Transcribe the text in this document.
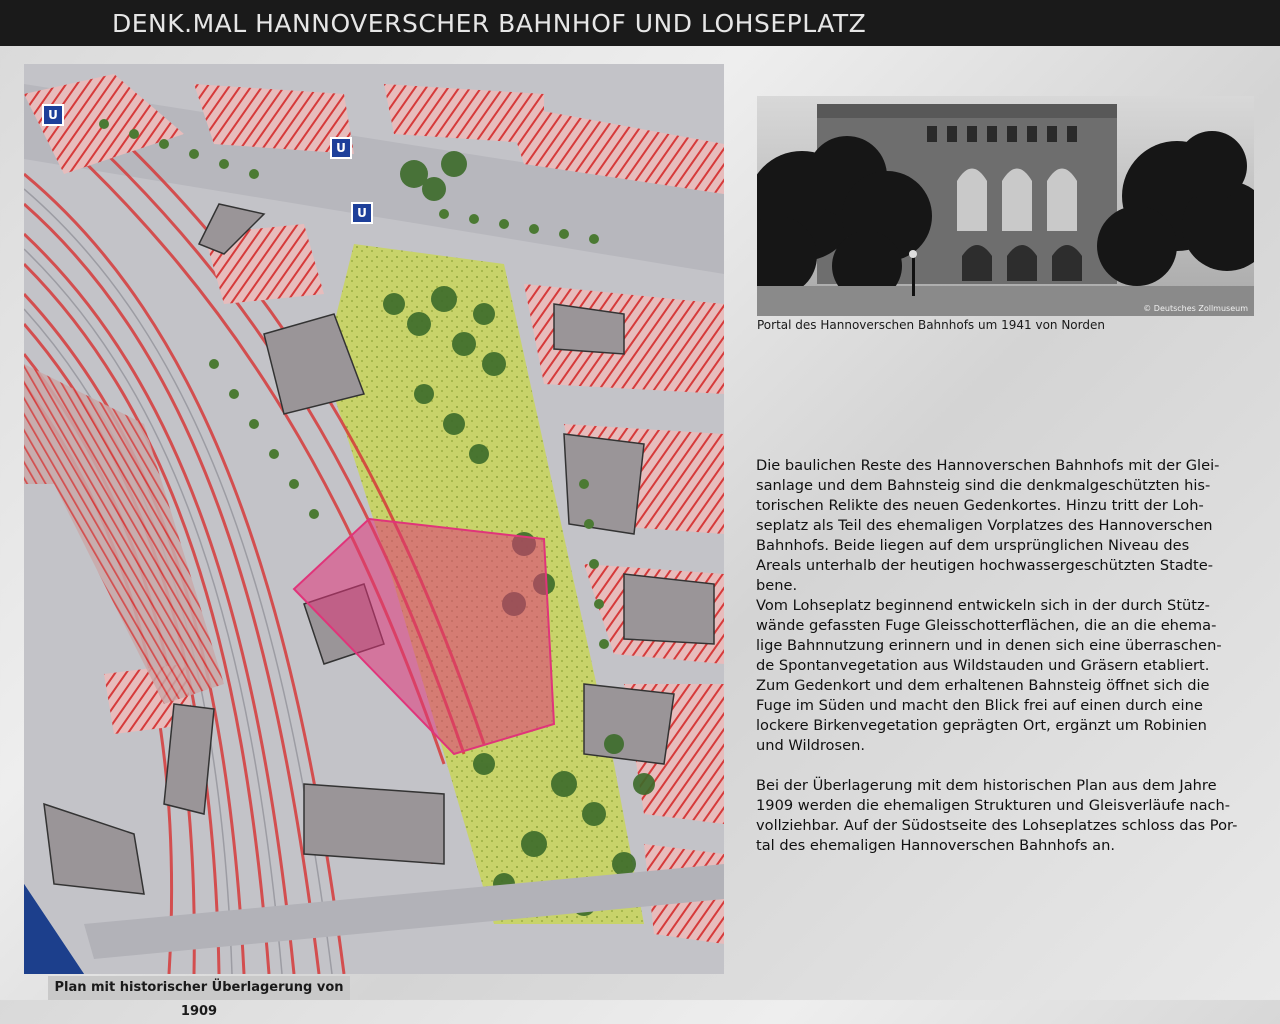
DENK.MAL HANNOVERSCHER BAHNHOF UND LOHSEPLATZ
U
U
U
Plan mit historischer Überlagerung von 1909
© Deutsches Zollmuseum
Portal des Hannoverschen Bahnhofs um 1941 von Norden

Die baulichen Reste des Hannoverschen Bahnhofs mit der Glei-
sanlage und dem Bahnsteig sind die denkmalgeschützten his-
torischen Relikte des neuen Gedenkortes. Hinzu tritt der Loh-
seplatz als Teil des ehemaligen Vorplatzes des Hannoverschen
Bahnhofs. Beide liegen auf dem ursprünglichen Niveau des
Areals unterhalb der heutigen hochwassergeschützten Stadte-
bene.

Vom Lohseplatz beginnend entwickeln sich in der durch Stütz-
wände gefassten Fuge Gleisschotterflächen, die an die ehema-
lige Bahnnutzung erinnern und in denen sich eine überraschen-
de Spontanvegetation aus Wildstauden und Gräsern etabliert.
Zum Gedenkort und dem erhaltenen Bahnsteig öffnet sich die
Fuge im Süden und macht den Blick frei auf einen durch eine
lockere Birkenvegetation geprägten Ort, ergänzt um Robinien
und Wildrosen.

Bei der Überlagerung mit dem historischen Plan aus dem Jahre
1909 werden die ehemaligen Strukturen und Gleisverläufe nach-
vollziehbar. Auf der Südostseite des Lohseplatzes schloss das Por-
tal des ehemaligen Hannoverschen Bahnhofs an.
